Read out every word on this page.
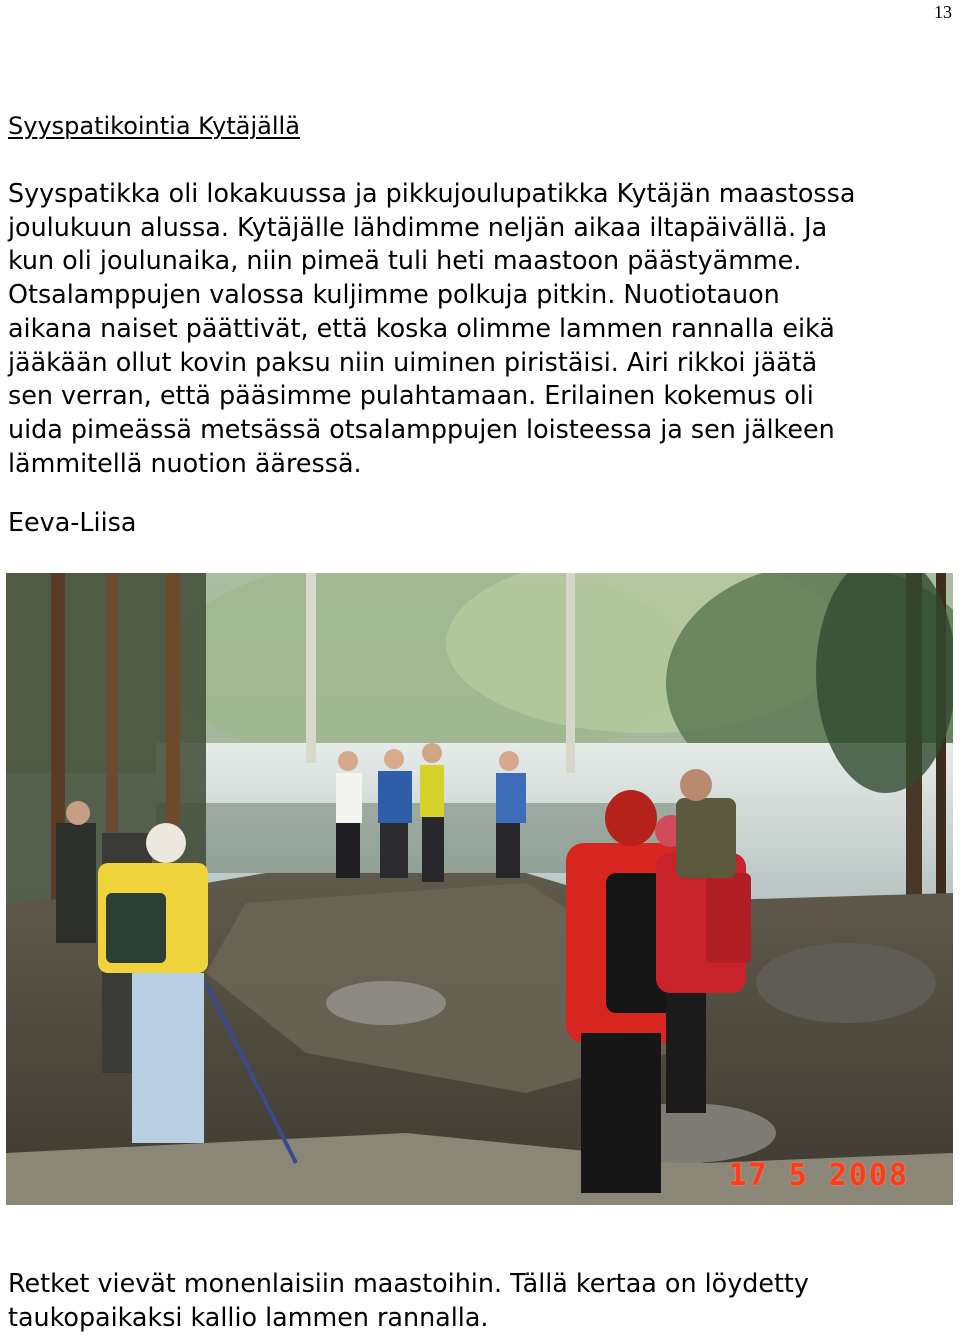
13
Syyspatikointia Kytäjällä
Syyspatikka oli lokakuussa ja pikkujoulupatikka Kytäjän maastossa
joulukuun alussa. Kytäjälle lähdimme neljän aikaa iltapäivällä. Ja
kun oli joulunaika, niin pimeä tuli heti maastoon päästyämme.
Otsalamppujen valossa kuljimme polkuja pitkin. Nuotiotauon
aikana naiset päättivät, että koska olimme lammen rannalla eikä
jääkään ollut kovin paksu niin uiminen piristäisi. Airi rikkoi jäätä
sen verran, että pääsimme pulahtamaan. Erilainen kokemus oli
uida pimeässä metsässä otsalamppujen loisteessa ja sen jälkeen
lämmitellä nuotion ääressä.
Eeva-Liisa
17 5 2008
Retket vievät monenlaisiin maastoihin. Tällä kertaa on löydetty
taukopaikaksi kallio lammen rannalla.
